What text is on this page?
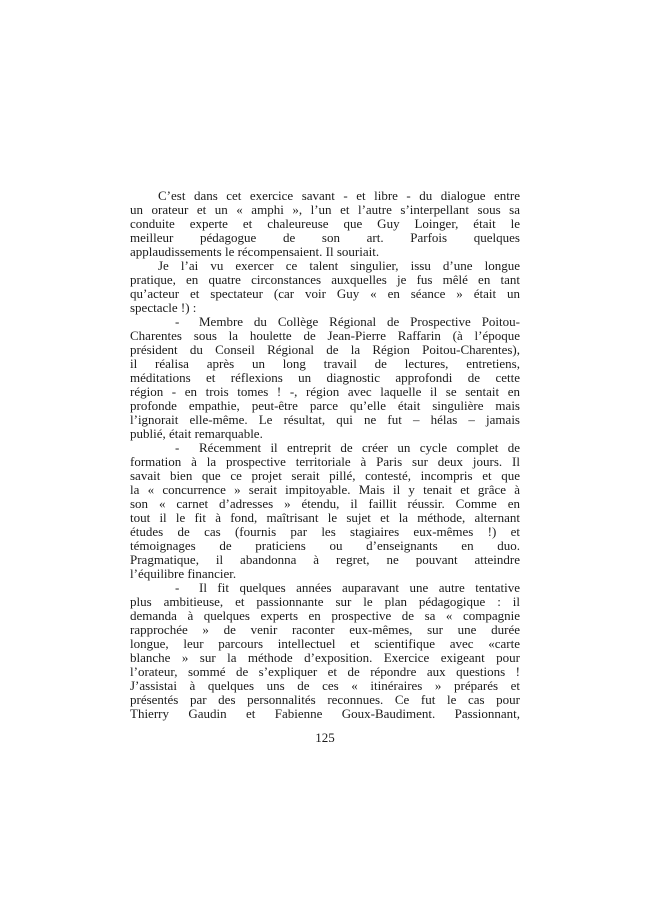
C’est dans cet exercice savant - et libre - du dialogue entre
un orateur et un « amphi », l’un et l’autre s’interpellant sous sa
conduite experte et chaleureuse que Guy Loinger, était le
meilleur pédagogue de son art. Parfois quelques
applaudissements le récompensaient. Il souriait.
Je l’ai vu exercer ce talent singulier, issu d’une longue
pratique, en quatre circonstances auxquelles je fus mêlé en tant
qu’acteur et spectateur (car voir Guy « en séance » était un
spectacle !) :
- Membre du Collège Régional de Prospective Poitou-
Charentes sous la houlette de Jean-Pierre Raffarin (à l’époque
président du Conseil Régional de la Région Poitou-Charentes),
il réalisa après un long travail de lectures, entretiens,
méditations et réflexions un diagnostic approfondi de cette
région - en trois tomes ! -, région avec laquelle il se sentait en
profonde empathie, peut-être parce qu’elle était singulière mais
l’ignorait elle-même. Le résultat, qui ne fut – hélas – jamais
publié, était remarquable.
- Récemment il entreprit de créer un cycle complet de
formation à la prospective territoriale à Paris sur deux jours. Il
savait bien que ce projet serait pillé, contesté, incompris et que
la « concurrence » serait impitoyable. Mais il y tenait et grâce à
son « carnet d’adresses » étendu, il faillit réussir. Comme en
tout il le fit à fond, maîtrisant le sujet et la méthode, alternant
études de cas (fournis par les stagiaires eux-mêmes !) et
témoignages de praticiens ou d’enseignants en duo.
Pragmatique, il abandonna à regret, ne pouvant atteindre
l’équilibre financier.
- Il fit quelques années auparavant une autre tentative
plus ambitieuse, et passionnante sur le plan pédagogique : il
demanda à quelques experts en prospective de sa « compagnie
rapprochée » de venir raconter eux-mêmes, sur une durée
longue, leur parcours intellectuel et scientifique avec «carte
blanche » sur la méthode d’exposition. Exercice exigeant pour
l’orateur, sommé de s’expliquer et de répondre aux questions !
J’assistai à quelques uns de ces « itinéraires » préparés et
présentés par des personnalités reconnues. Ce fut le cas pour
Thierry Gaudin et Fabienne Goux-Baudiment. Passionnant,
125
